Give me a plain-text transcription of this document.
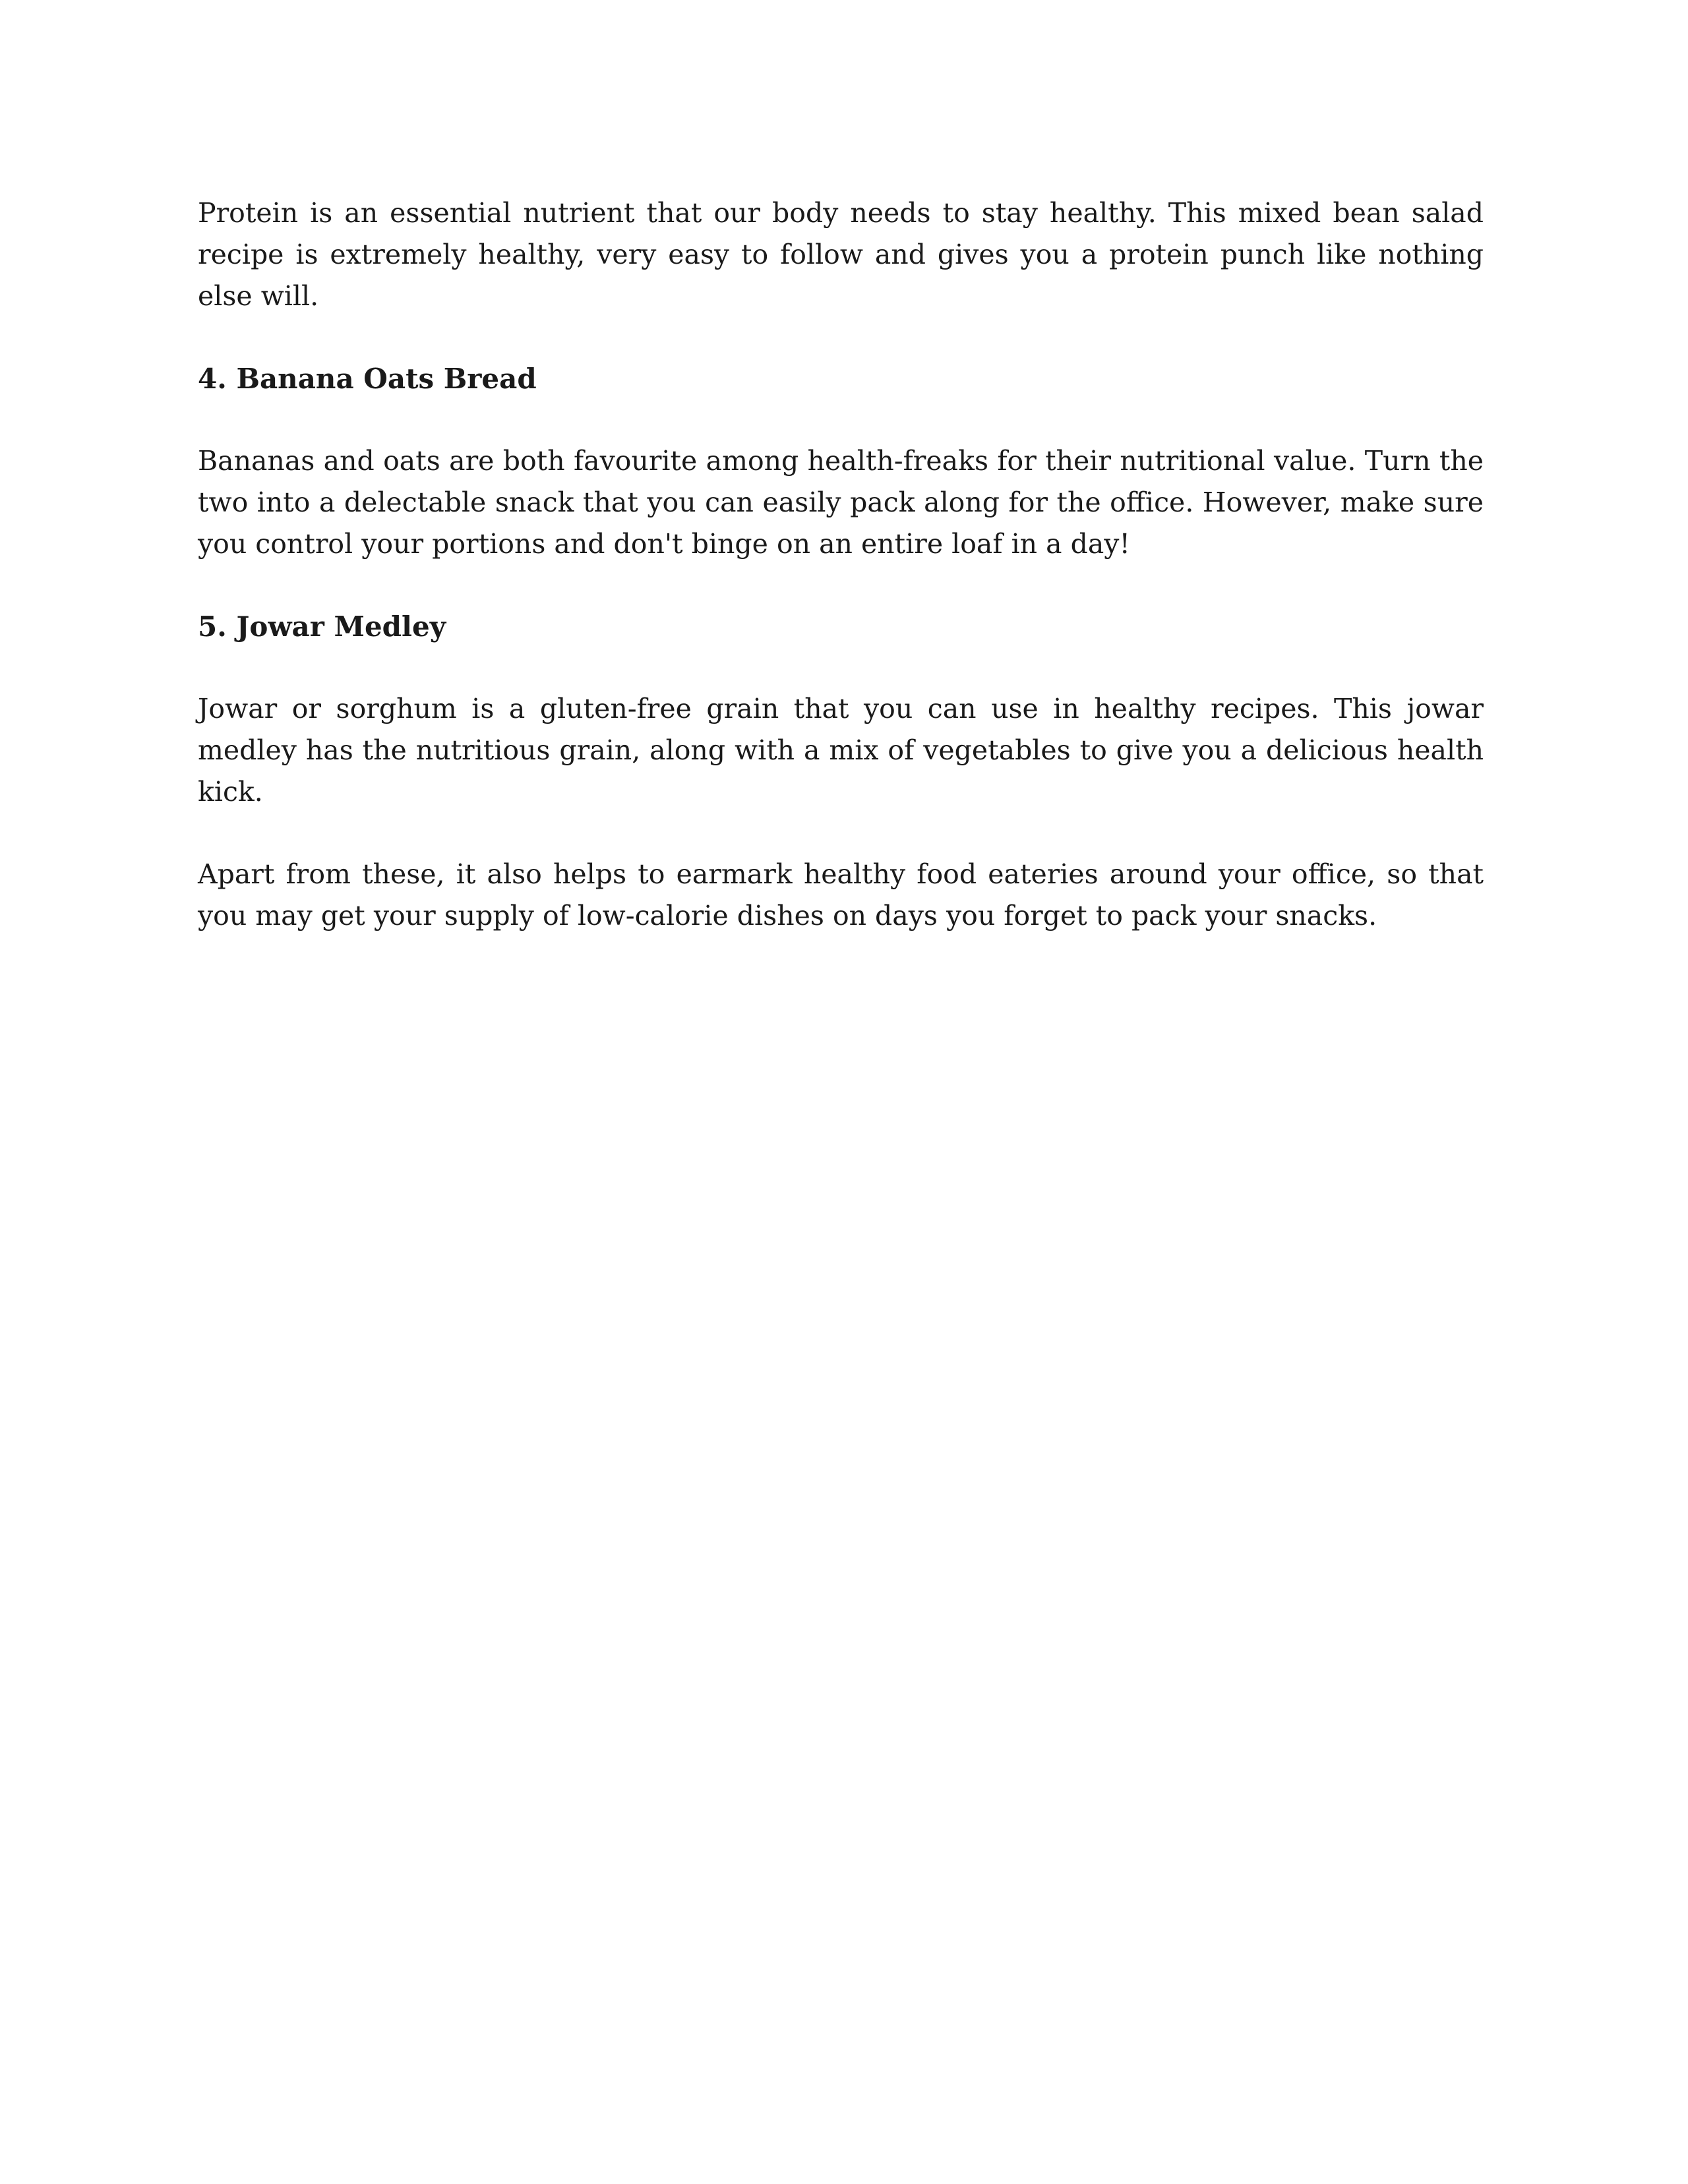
Protein is an essential nutrient that our body needs to stay healthy. This mixed bean salad recipe is extremely healthy, very easy to follow and gives you a protein punch like nothing else will.

4. Banana Oats Bread

Bananas and oats are both favourite among health-freaks for their nutritional value. Turn the two into a delectable snack that you can easily pack along for the office. However, make sure you control your portions and don't binge on an entire loaf in a day!

5. Jowar Medley

Jowar or sorghum is a gluten-free grain that you can use in healthy recipes. This jowar medley has the nutritious grain, along with a mix of vegetables to give you a delicious health kick.

Apart from these, it also helps to earmark healthy food eateries around your office, so that you may get your supply of low-calorie dishes on days you forget to pack your snacks.
